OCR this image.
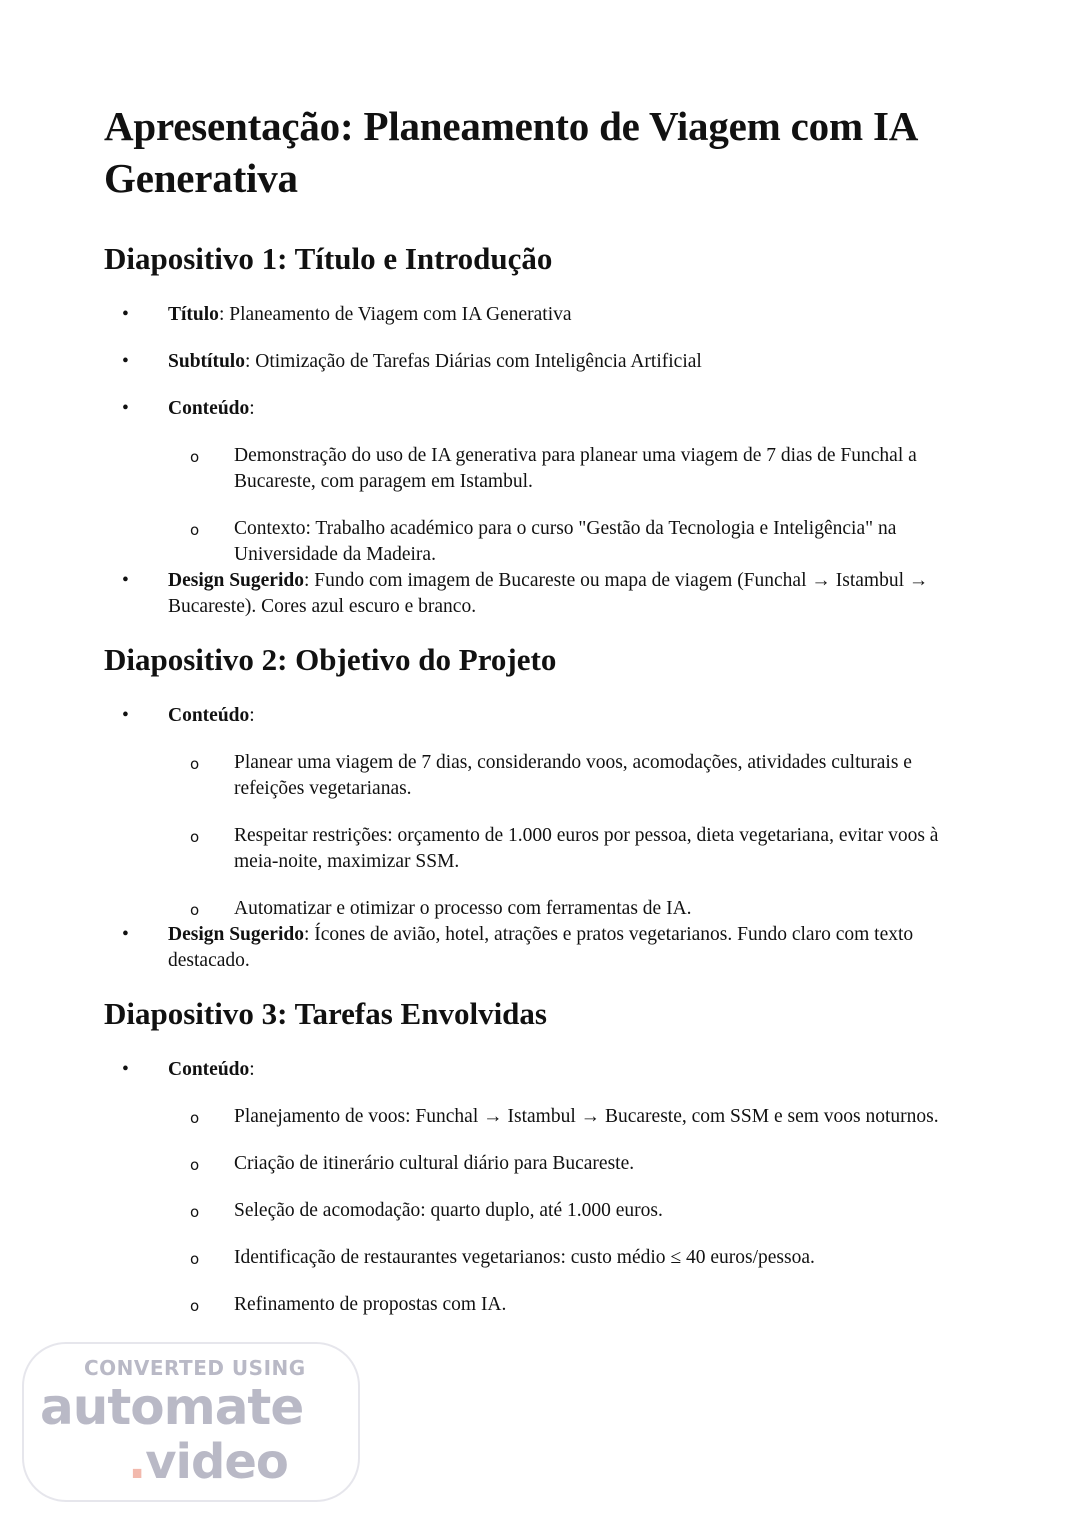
Apresentação: Planeamento de Viagem com IA Generativa
Diapositivo 1: Título e Introdução
• Título: Planeamento de Viagem com IA Generativa
• Subtítulo: Otimização de Tarefas Diárias com Inteligência Artificial
• Conteúdo:
o Demonstração do uso de IA generativa para planear uma viagem de 7 dias de Funchal a Bucareste, com paragem em Istambul.
o Contexto: Trabalho académico para o curso "Gestão da Tecnologia e Inteligência" na Universidade da Madeira.
• Design Sugerido: Fundo com imagem de Bucareste ou mapa de viagem (Funchal → Istambul → Bucareste). Cores azul escuro e branco.
Diapositivo 2: Objetivo do Projeto
• Conteúdo:
o Planear uma viagem de 7 dias, considerando voos, acomodações, atividades culturais e refeições vegetarianas.
o Respeitar restrições: orçamento de 1.000 euros por pessoa, dieta vegetariana, evitar voos à meia-noite, maximizar SSM.
o Automatizar e otimizar o processo com ferramentas de IA.
• Design Sugerido: Ícones de avião, hotel, atrações e pratos vegetarianos. Fundo claro com texto destacado.
Diapositivo 3: Tarefas Envolvidas
• Conteúdo:
o Planejamento de voos: Funchal → Istambul → Bucareste, com SSM e sem voos noturnos.
o Criação de itinerário cultural diário para Bucareste.
o Seleção de acomodação: quarto duplo, até 1.000 euros.
o Identificação de restaurantes vegetarianos: custo médio ≤ 40 euros/pessoa.
o Refinamento de propostas com IA.
CONVERTED USING
automate
.video
